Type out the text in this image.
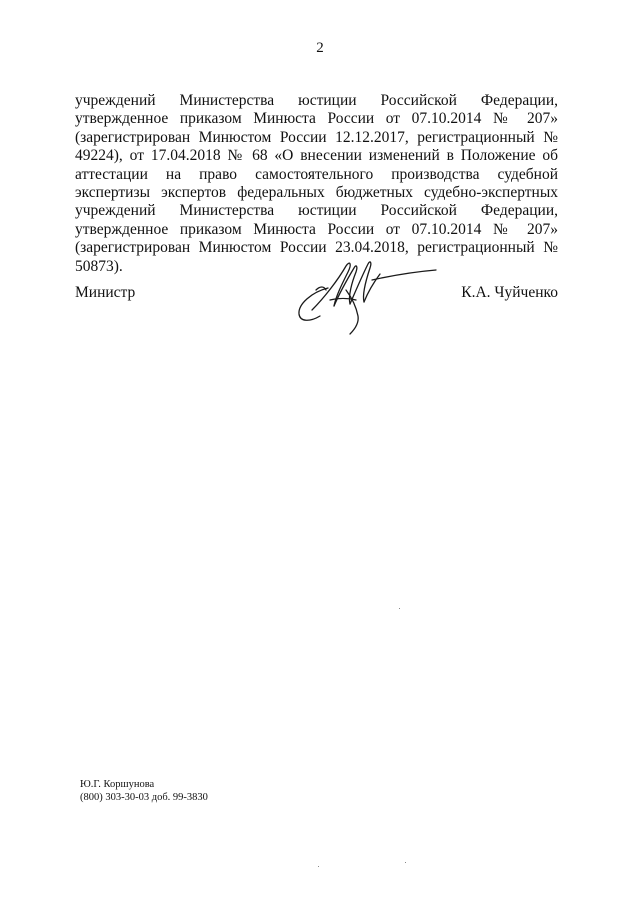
2

учреждений Министерства юстиции Российской Федерации, утвержденное приказом Минюста России от 07.10.2014 № 207» (зарегистрирован Минюстом России 12.12.2017, регистрационный № 49224), от 17.04.2018 № 68 «О внесении изменений в Положение об аттестации на право самостоятельного производства судебной экспертизы экспертов федеральных бюджетных судебно-экспертных учреждений Министерства юстиции Российской Федерации, утвержденное приказом Минюста России от 07.10.2014 № 207» (зарегистрирован Минюстом России 23.04.2018, регистрационный № 50873).

Министр	К.А. Чуйченко
Ю.Г. Коршунова
(800) 303-30-03 доб. 99-3830
